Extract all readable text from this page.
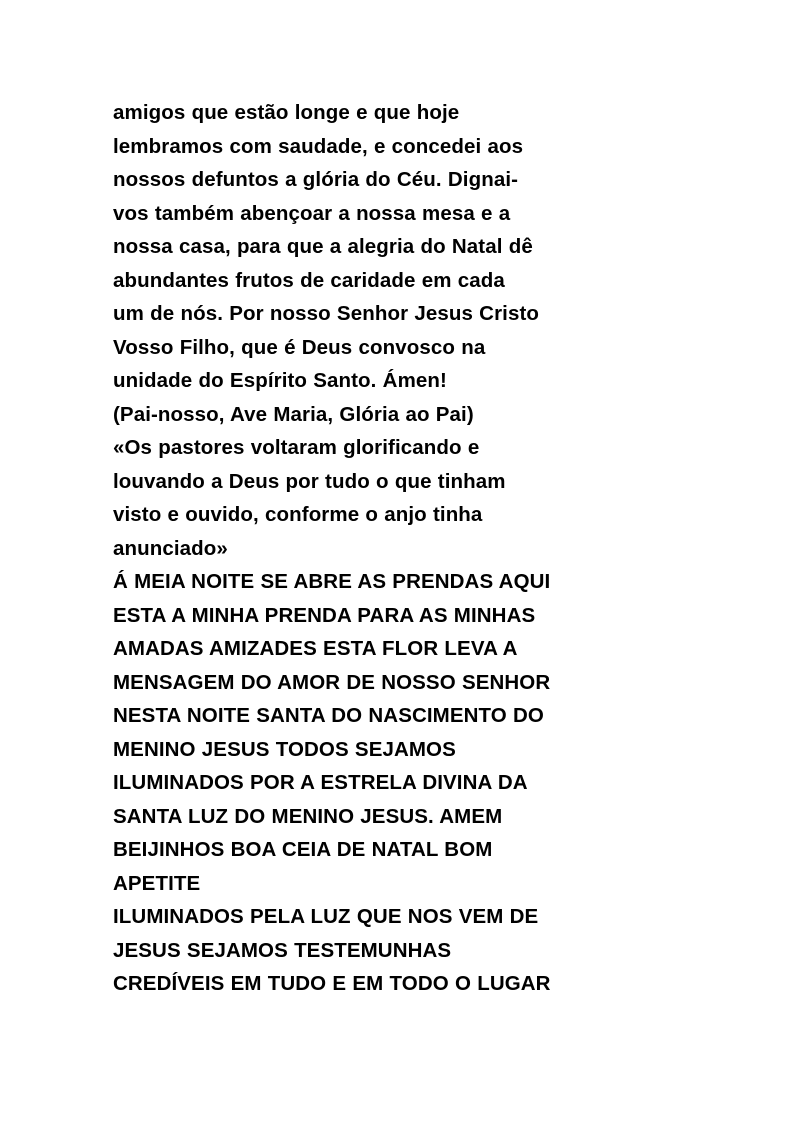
amigos que estão longe e que hoje
lembramos com saudade, e concedei aos
nossos defuntos a glória do Céu. Dignai-
vos também abençoar a nossa mesa e a
nossa casa, para que a alegria do Natal dê
abundantes frutos de caridade em cada
um de nós. Por nosso Senhor Jesus Cristo
Vosso Filho, que é Deus convosco na
unidade do Espírito Santo. Ámen!

(Pai-nosso, Ave Maria, Glória ao Pai)

«Os pastores voltaram glorificando e
louvando a Deus por tudo o que tinham
visto e ouvido, conforme o anjo tinha
anunciado»

Á MEIA NOITE SE ABRE AS PRENDAS AQUI
ESTA A MINHA PRENDA PARA AS MINHAS
AMADAS AMIZADES ESTA FLOR LEVA A
MENSAGEM DO AMOR DE NOSSO SENHOR
NESTA NOITE SANTA DO NASCIMENTO DO
MENINO JESUS TODOS SEJAMOS
ILUMINADOS POR A ESTRELA DIVINA DA
SANTA LUZ DO MENINO JESUS. AMEM
BEIJINHOS BOA CEIA DE NATAL BOM
APETITE

ILUMINADOS PELA LUZ QUE NOS VEM DE
JESUS SEJAMOS TESTEMUNHAS
CREDÍVEIS EM TUDO E EM TODO O LUGAR
